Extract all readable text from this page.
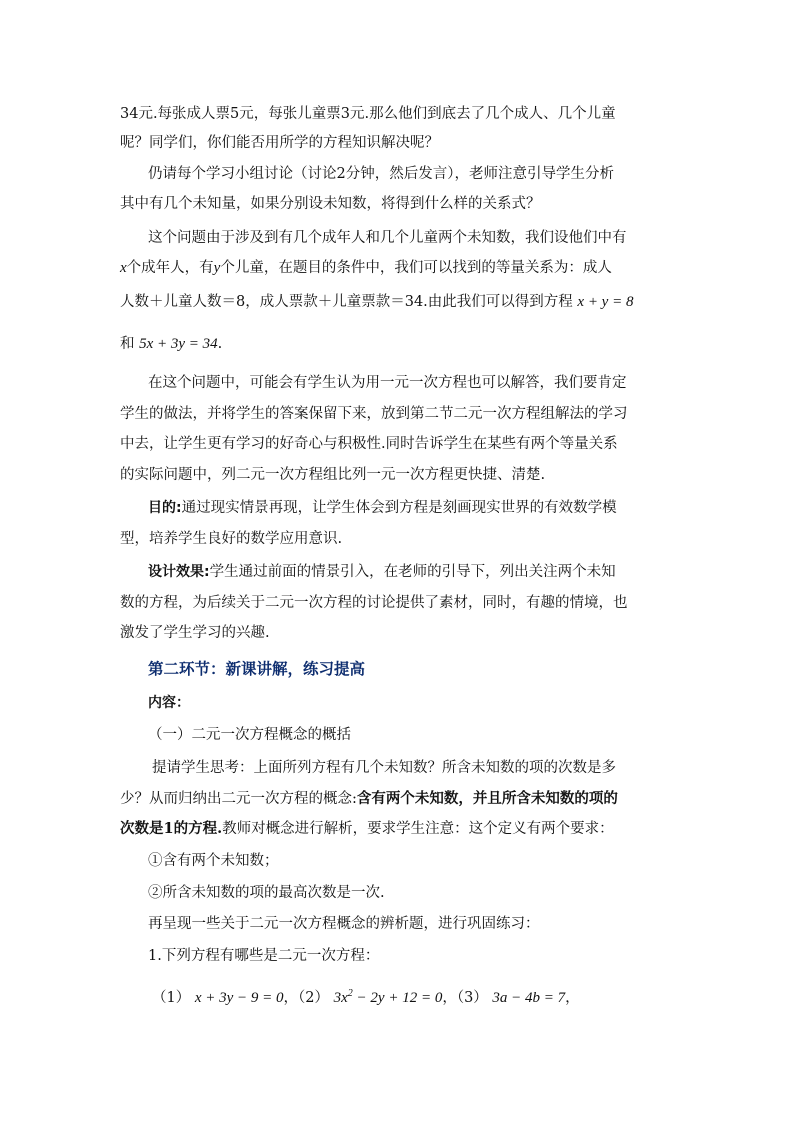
34元.每张成人票5元，每张儿童票3元.那么他们到底去了几个成人、几个儿童
呢？同学们，你们能否用所学的方程知识解决呢？
仍请每个学习小组讨论（讨论2分钟，然后发言），老师注意引导学生分析
其中有几个未知量，如果分别设未知数，将得到什么样的关系式？
这个问题由于涉及到有几个成年人和几个儿童两个未知数，我们设他们中有
x个成年人，有y个儿童，在题目的条件中，我们可以找到的等量关系为：成人
人数＋儿童人数＝8，成人票款＋儿童票款＝34.由此我们可以得到方程 x + y = 8
和 5x + 3y = 34.
在这个问题中，可能会有学生认为用一元一次方程也可以解答，我们要肯定
学生的做法，并将学生的答案保留下来，放到第二节二元一次方程组解法的学习
中去，让学生更有学习的好奇心与积极性.同时告诉学生在某些有两个等量关系
的实际问题中，列二元一次方程组比列一元一次方程更快捷、清楚.
目的:通过现实情景再现，让学生体会到方程是刻画现实世界的有效数学模
型，培养学生良好的数学应用意识.
设计效果:学生通过前面的情景引入，在老师的引导下，列出关注两个未知
数的方程，为后续关于二元一次方程的讨论提供了素材，同时，有趣的情境，也
激发了学生学习的兴趣.
第二环节：新课讲解，练习提高
内容：
（一）二元一次方程概念的概括
提请学生思考：上面所列方程有几个未知数？所含未知数的项的次数是多
少？从而归纳出二元一次方程的概念:含有两个未知数，并且所含未知数的项的
次数是1的方程.教师对概念进行解析，要求学生注意：这个定义有两个要求：
①含有两个未知数；
②所含未知数的项的最高次数是一次.
再呈现一些关于二元一次方程概念的辨析题，进行巩固练习：
1.下列方程有哪些是二元一次方程：
（1） x + 3y − 9 = 0，（2） $3x^2 - 2y + 12 = 0$，（3） 3a − 4b = 7，
